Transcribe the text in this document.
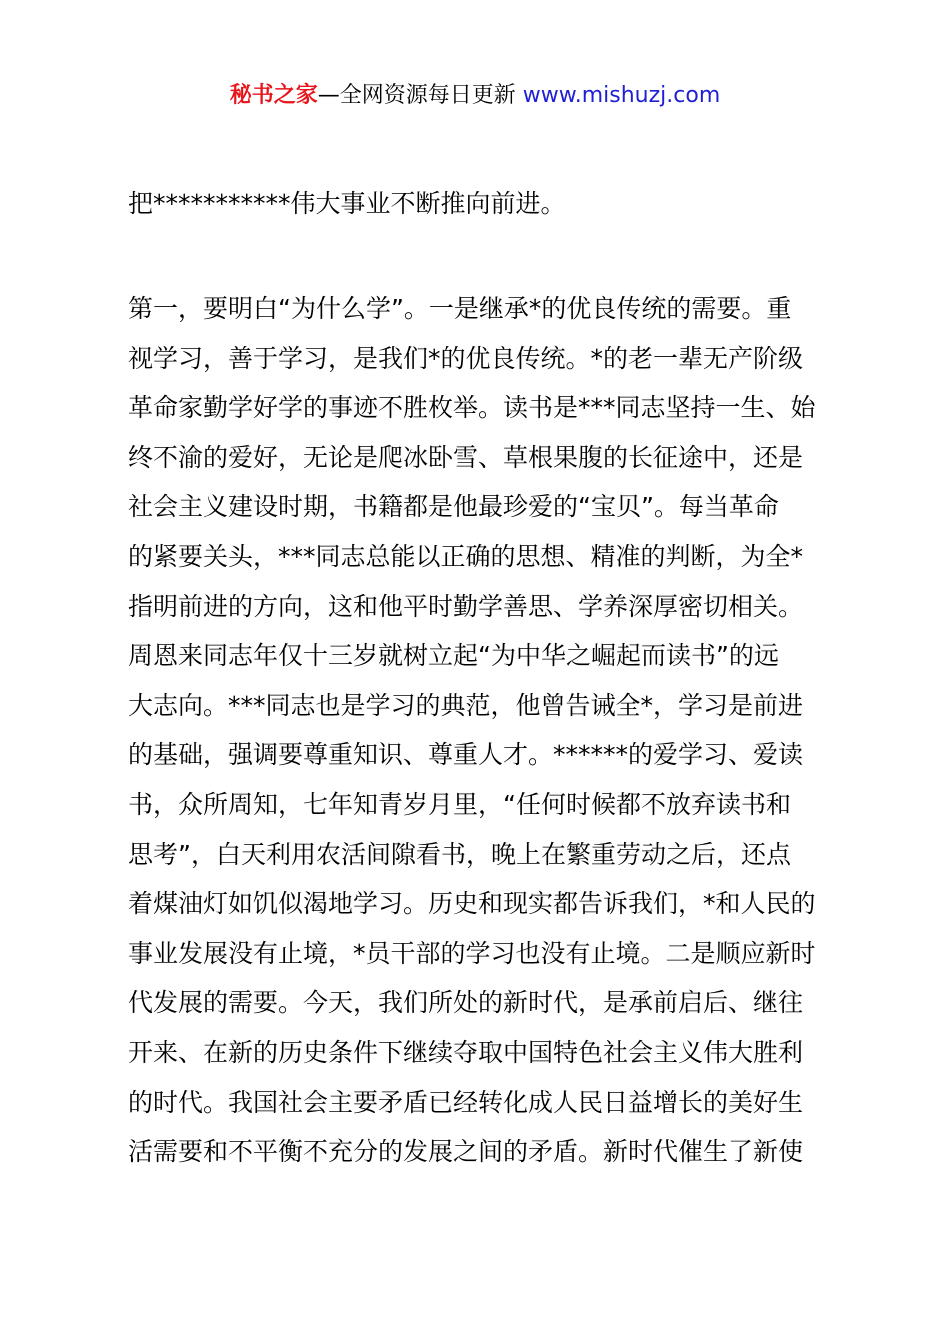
秘书之家—全网资源每日更新 www.mishuzj.com
把***********伟大事业不断推向前进。
第一，要明白“为什么学”。一是继承*的优良传统的需要。重
视学习，善于学习，是我们*的优良传统。*的老一辈无产阶级
革命家勤学好学的事迹不胜枚举。读书是***同志坚持一生、始
终不渝的爱好，无论是爬冰卧雪、草根果腹的长征途中，还是
社会主义建设时期，书籍都是他最珍爱的“宝贝”。每当革命
的紧要关头，***同志总能以正确的思想、精准的判断，为全*
指明前进的方向，这和他平时勤学善思、学养深厚密切相关。
周恩来同志年仅十三岁就树立起“为中华之崛起而读书”的远
大志向。***同志也是学习的典范，他曾告诫全*，学习是前进
的基础，强调要尊重知识、尊重人才。******的爱学习、爱读
书，众所周知，七年知青岁月里，“任何时候都不放弃读书和
思考”，白天利用农活间隙看书，晚上在繁重劳动之后，还点
着煤油灯如饥似渴地学习。历史和现实都告诉我们，*和人民的
事业发展没有止境，*员干部的学习也没有止境。二是顺应新时
代发展的需要。今天，我们所处的新时代，是承前启后、继往
开来、在新的历史条件下继续夺取中国特色社会主义伟大胜利
的时代。我国社会主要矛盾已经转化成人民日益增长的美好生
活需要和不平衡不充分的发展之间的矛盾。新时代催生了新使
